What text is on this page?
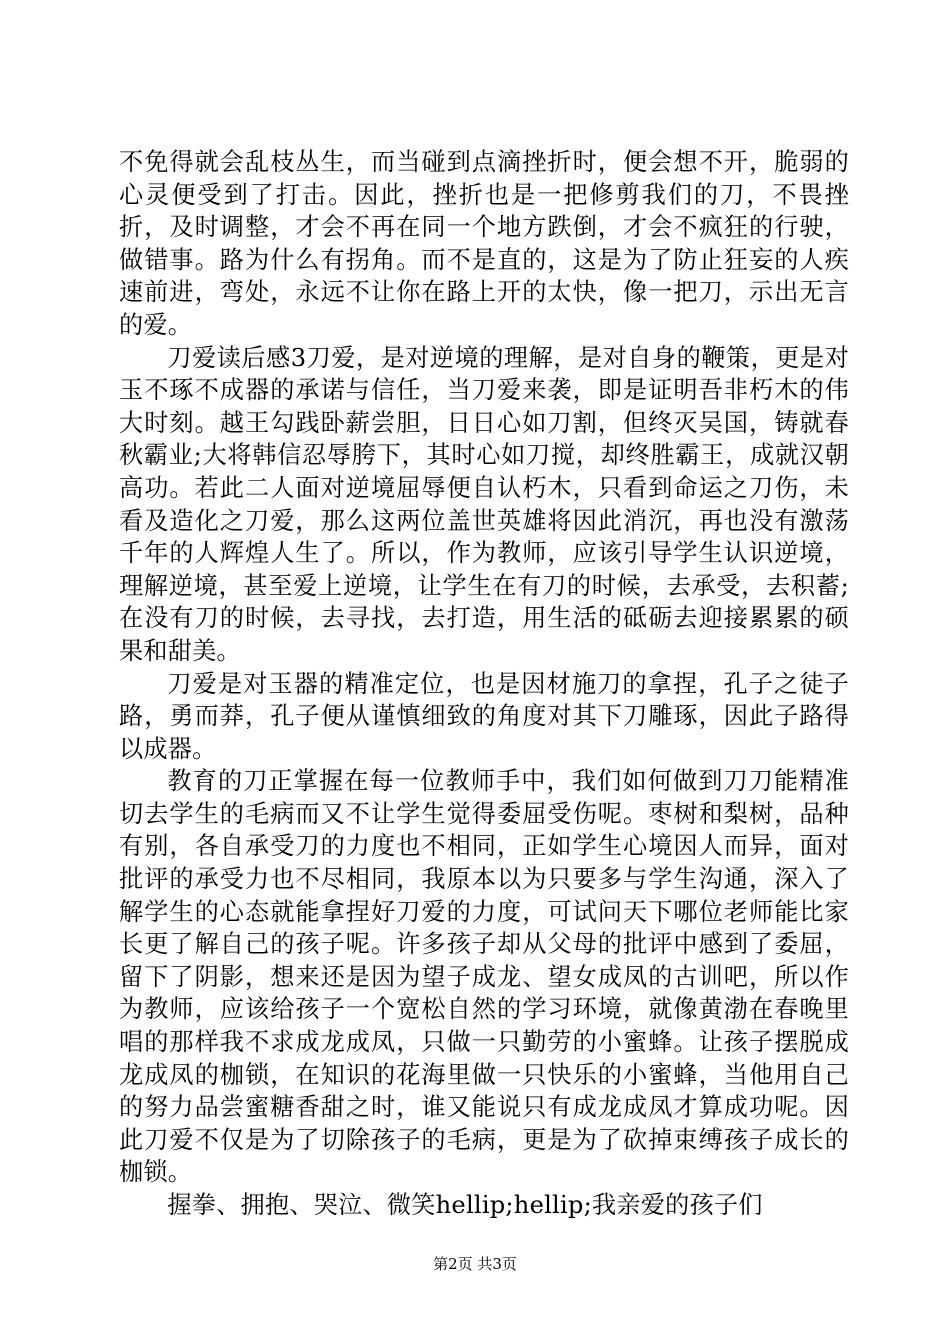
不免得就会乱枝丛生，而当碰到点滴挫折时，便会想不开，脆弱的心灵便受到了打击。因此，挫折也是一把修剪我们的刀，不畏挫折，及时调整，才会不再在同一个地方跌倒，才会不疯狂的行驶，做错事。路为什么有拐角。而不是直的，这是为了防止狂妄的人疾速前进，弯处，永远不让你在路上开的太快，像一把刀，示出无言的爱。

刀爱读后感3刀爱，是对逆境的理解，是对自身的鞭策，更是对玉不琢不成器的承诺与信任，当刀爱来袭，即是证明吾非朽木的伟大时刻。越王勾践卧薪尝胆，日日心如刀割，但终灭吴国，铸就春秋霸业;大将韩信忍辱胯下，其时心如刀搅，却终胜霸王，成就汉朝高功。若此二人面对逆境屈辱便自认朽木，只看到命运之刀伤，未看及造化之刀爱，那么这两位盖世英雄将因此消沉，再也没有激荡千年的人辉煌人生了。所以，作为教师，应该引导学生认识逆境，理解逆境，甚至爱上逆境，让学生在有刀的时候，去承受，去积蓄;在没有刀的时候，去寻找，去打造，用生活的砥砺去迎接累累的硕果和甜美。

刀爱是对玉器的精准定位，也是因材施刀的拿捏，孔子之徒子路，勇而莽，孔子便从谨慎细致的角度对其下刀雕琢，因此子路得以成器。

教育的刀正掌握在每一位教师手中，我们如何做到刀刀能精准切去学生的毛病而又不让学生觉得委屈受伤呢。枣树和梨树，品种有别，各自承受刀的力度也不相同，正如学生心境因人而异，面对批评的承受力也不尽相同，我原本以为只要多与学生沟通，深入了解学生的心态就能拿捏好刀爱的力度，可试问天下哪位老师能比家长更了解自己的孩子呢。许多孩子却从父母的批评中感到了委屈，留下了阴影，想来还是因为望子成龙、望女成凤的古训吧，所以作为教师，应该给孩子一个宽松自然的学习环境，就像黄渤在春晚里唱的那样我不求成龙成凤，只做一只勤劳的小蜜蜂。让孩子摆脱成龙成凤的枷锁，在知识的花海里做一只快乐的小蜜蜂，当他用自己的努力品尝蜜糖香甜之时，谁又能说只有成龙成凤才算成功呢。因此刀爱不仅是为了切除孩子的毛病，更是为了砍掉束缚孩子成长的枷锁。

握拳、拥抱、哭泣、微笑hellip;hellip;我亲爱的孩子们

第2页 共3页
